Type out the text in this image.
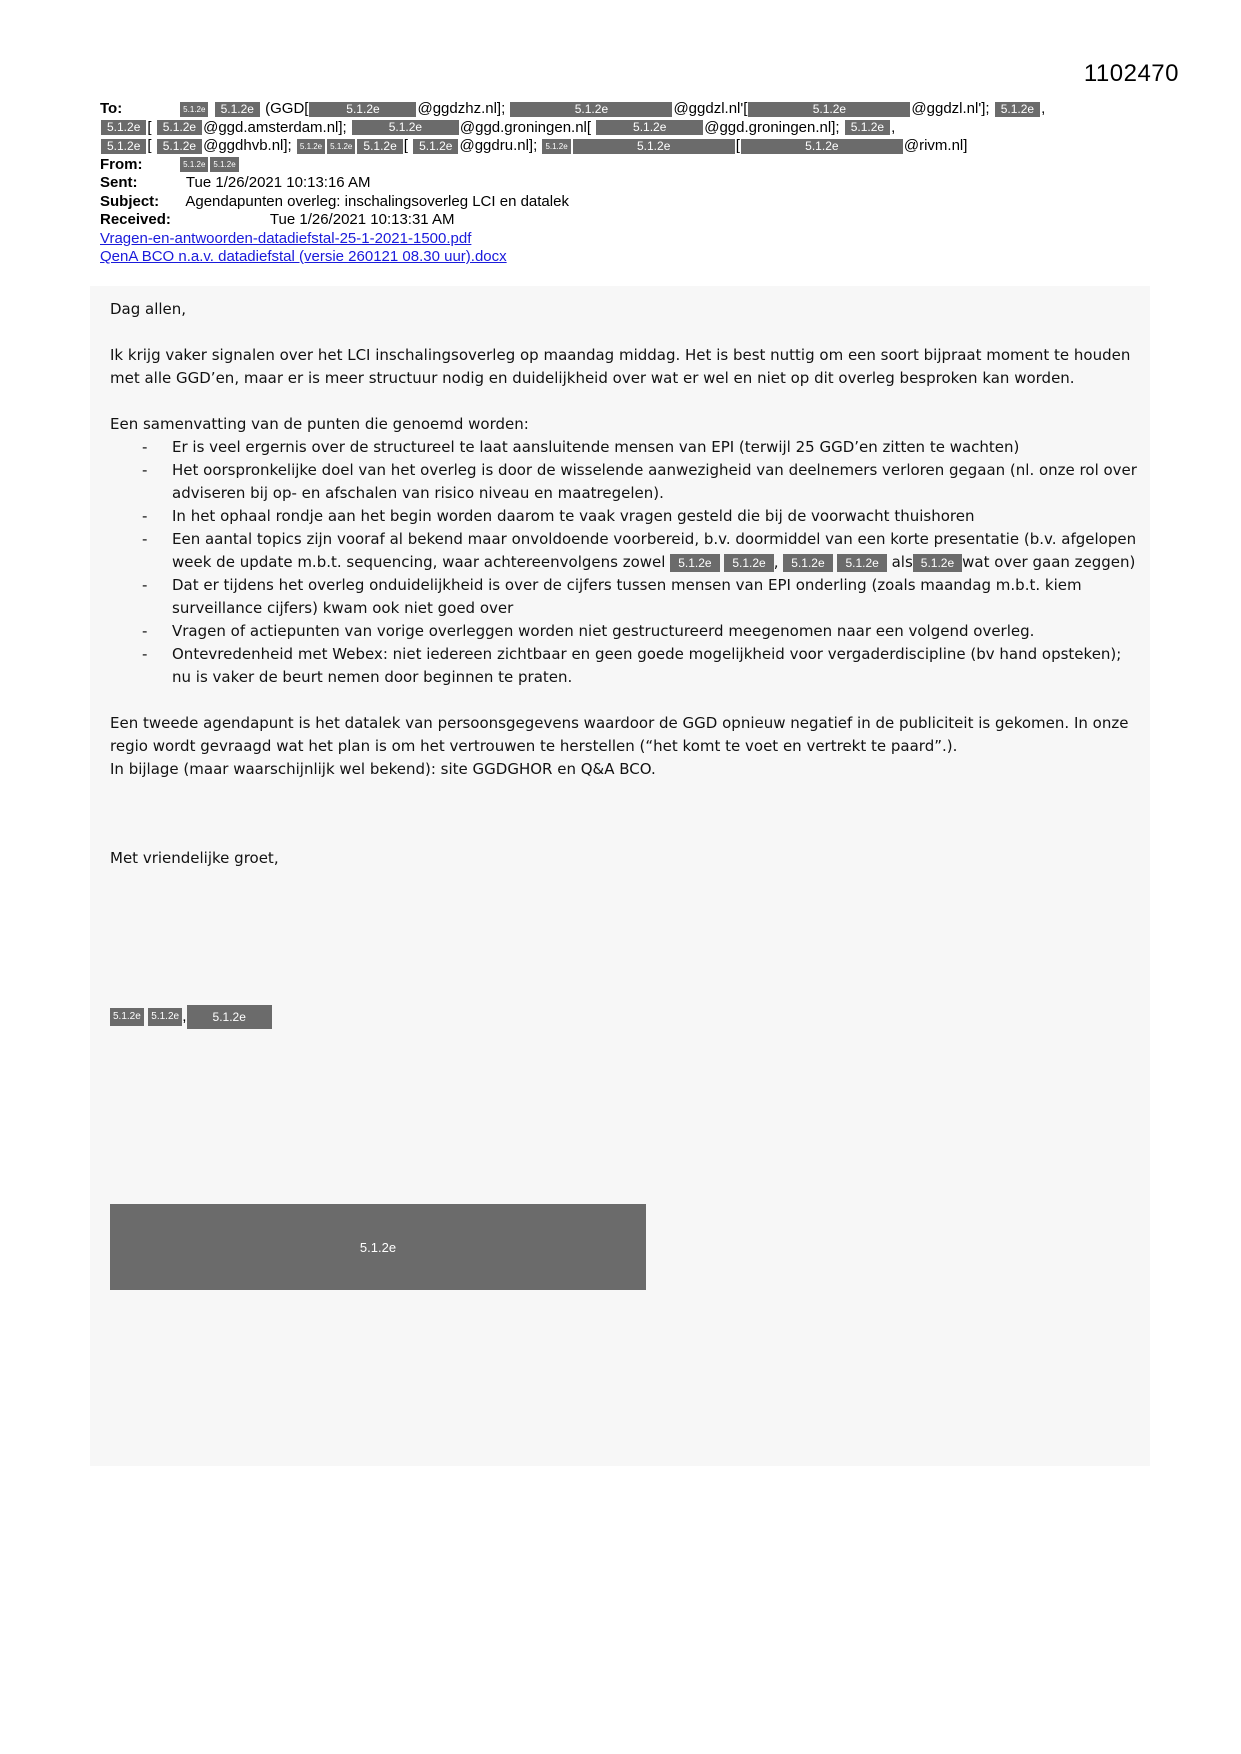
1102470
To:	5.1.2e 5.1.2e (GGD[	5.1.2e	@ggdzhz.nl];	5.1.2e	@ggdzl.nl'[	5.1.2e	@ggdzl.nl']; 5.1.2e ,
5.1.2e [ 5.1.2e @ggd.amsterdam.nl];	5.1.2e	@ggd.groningen.nl[	5.1.2e	@ggd.groningen.nl]; 5.1.2e ,
5.1.2e [ 5.1.2e @ggdhvb.nl]; 5.1.2e 5.1.2e 5.1.2e [ 5.1.2e @ggdru.nl]; 5.1.2e	5.1.2e	[	5.1.2e	@rivm.nl]
From:	5.1.2e 5.1.2e
Sent:	Tue 1/26/2021 10:13:16 AM
Subject: Agendapunten overleg: inschalingsoverleg LCI en datalek
Received:	Tue 1/26/2021 10:13:31 AM
Vragen-en-antwoorden-datadiefstal-25-1-2021-1500.pdf
QenA BCO n.a.v. datadiefstal (versie 260121 08.30 uur).docx

Dag allen,

Ik krijg vaker signalen over het LCI inschalingsoverleg op maandag middag. Het is best nuttig om een soort bijpraat moment te houden met alle GGD’en, maar er is meer structuur nodig en duidelijkheid over wat er wel en niet op dit overleg besproken kan worden.

Een samenvatting van de punten die genoemd worden:
- Er is veel ergernis over de structureel te laat aansluitende mensen van EPI (terwijl 25 GGD’en zitten te wachten)
- Het oorspronkelijke doel van het overleg is door de wisselende aanwezigheid van deelnemers verloren gegaan (nl. onze rol over adviseren bij op- en afschalen van risico niveau en maatregelen).
- In het ophaal rondje aan het begin worden daarom te vaak vragen gesteld die bij de voorwacht thuishoren
- Een aantal topics zijn vooraf al bekend maar onvoldoende voorbereid, b.v. doormiddel van een korte presentatie (b.v. afgelopen week de update m.b.t. sequencing, waar achtereenvolgens zowel 5.1.2e 5.1.2e , 5.1.2e 5.1.2e als 5.1.2e wat over gaan zeggen)
- Dat er tijdens het overleg onduidelijkheid is over de cijfers tussen mensen van EPI onderling (zoals maandag m.b.t. kiem surveillance cijfers) kwam ook niet goed over
- Vragen of actiepunten van vorige overleggen worden niet gestructureerd meegenomen naar een volgend overleg.
- Ontevredenheid met Webex: niet iedereen zichtbaar en geen goede mogelijkheid voor vergaderdiscipline (bv hand opsteken); nu is vaker de beurt nemen door beginnen te praten.
Een tweede agendapunt is het datalek van persoonsgegevens waardoor de GGD opnieuw negatief in de publiciteit is gekomen. In onze regio wordt gevraagd wat het plan is om het vertrouwen te herstellen (“het komt te voet en vertrekt te paard”.).
In bijlage (maar waarschijnlijk wel bekend): site GGDGHOR en Q&A BCO.
Met vriendelijke groet,
5.1.2e 5.1.2e , 5.1.2e
5.1.2e
